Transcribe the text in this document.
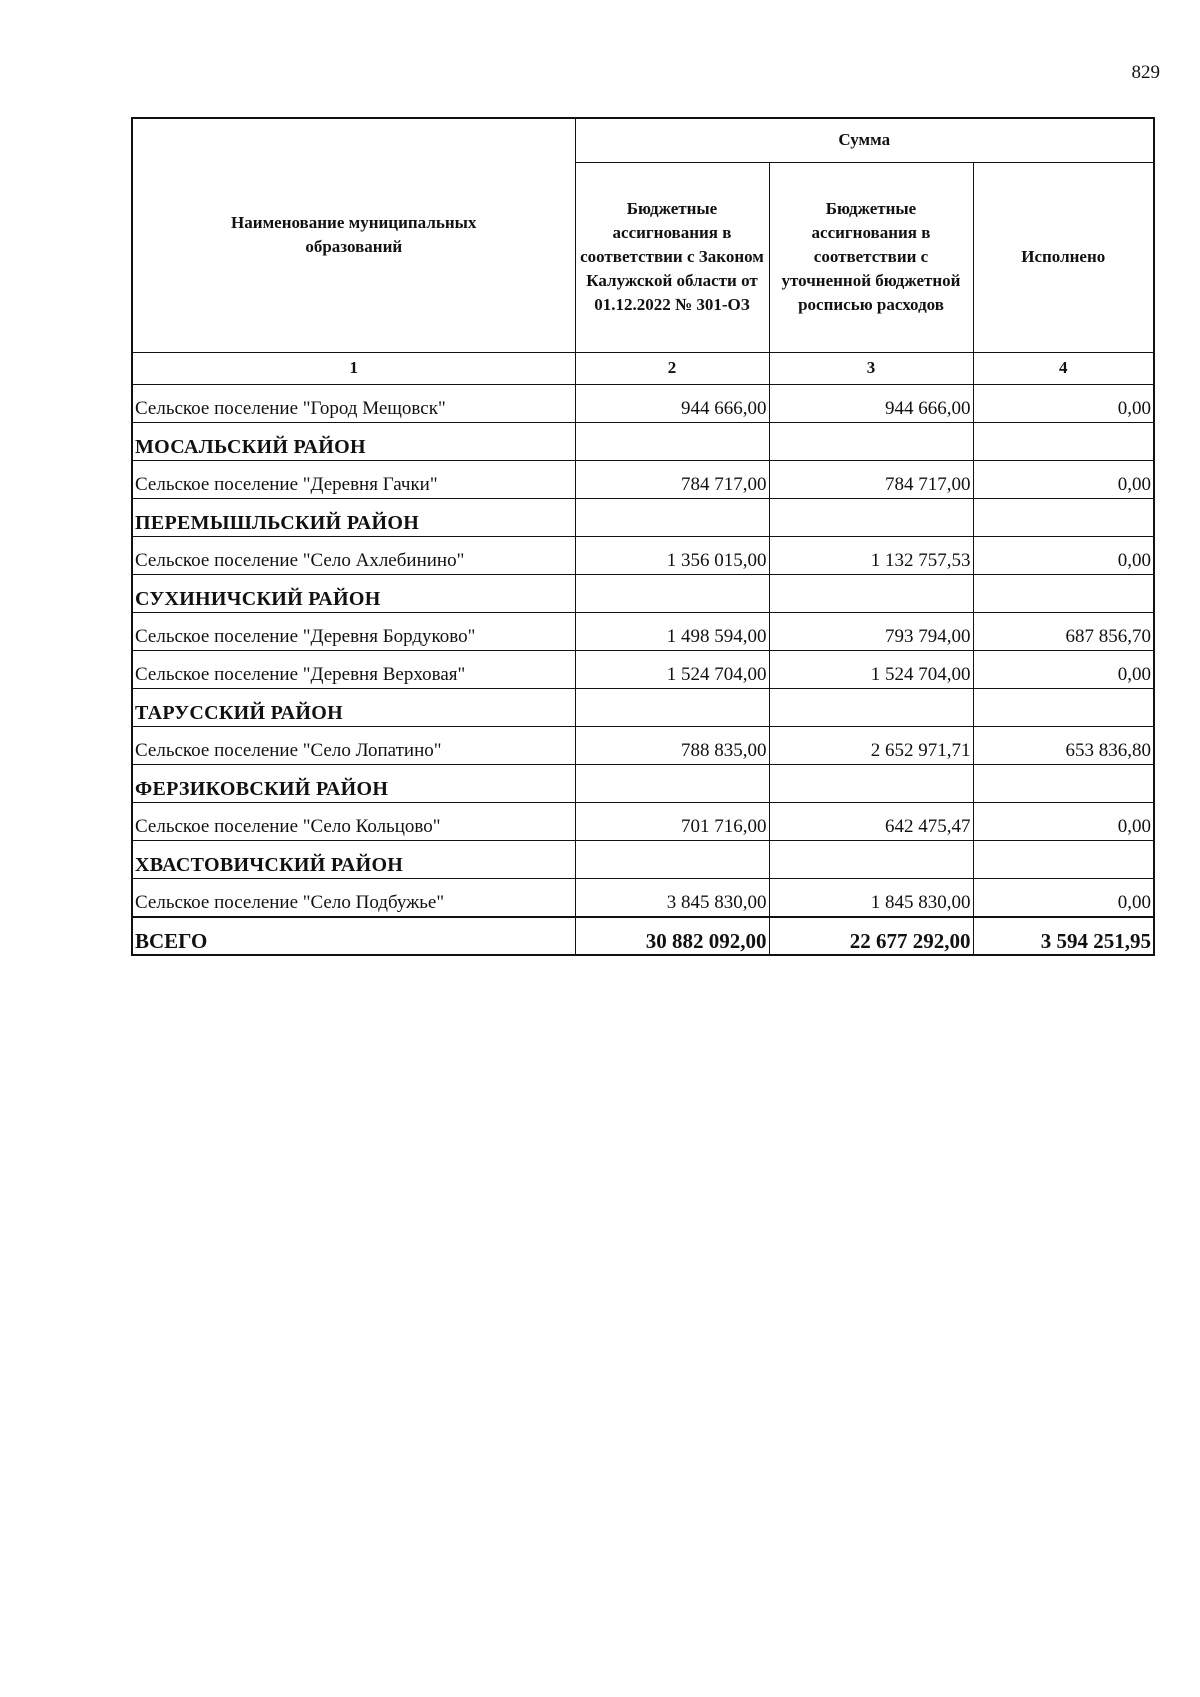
829
Наименование муниципальных образований	Сумма		
	Бюджетные ассигнования в соответствии с Законом Калужской области от 01.12.2022 № 301-ОЗ	Бюджетные ассигнования в соответствии с уточненной бюджетной росписью расходов	Исполнено
1	2	3	4
Сельское поселение "Город Мещовск"	944 666,00	944 666,00	0,00
МОСАЛЬСКИЙ РАЙОН			
Сельское поселение "Деревня Гачки"	784 717,00	784 717,00	0,00
ПЕРЕМЫШЛЬСКИЙ РАЙОН			
Сельское поселение "Село Ахлебинино"	1 356 015,00	1 132 757,53	0,00
СУХИНИЧСКИЙ РАЙОН			
Сельское поселение "Деревня Бордуково"	1 498 594,00	793 794,00	687 856,70
Сельское поселение "Деревня Верховая"	1 524 704,00	1 524 704,00	0,00
ТАРУССКИЙ РАЙОН			
Сельское поселение "Село Лопатино"	788 835,00	2 652 971,71	653 836,80
ФЕРЗИКОВСКИЙ РАЙОН			
Сельское поселение "Село Кольцово"	701 716,00	642 475,47	0,00
ХВАСТОВИЧСКИЙ РАЙОН			
Сельское поселение "Село Подбужье"	3 845 830,00	1 845 830,00	0,00
ВСЕГО	30 882 092,00	22 677 292,00	3 594 251,95
